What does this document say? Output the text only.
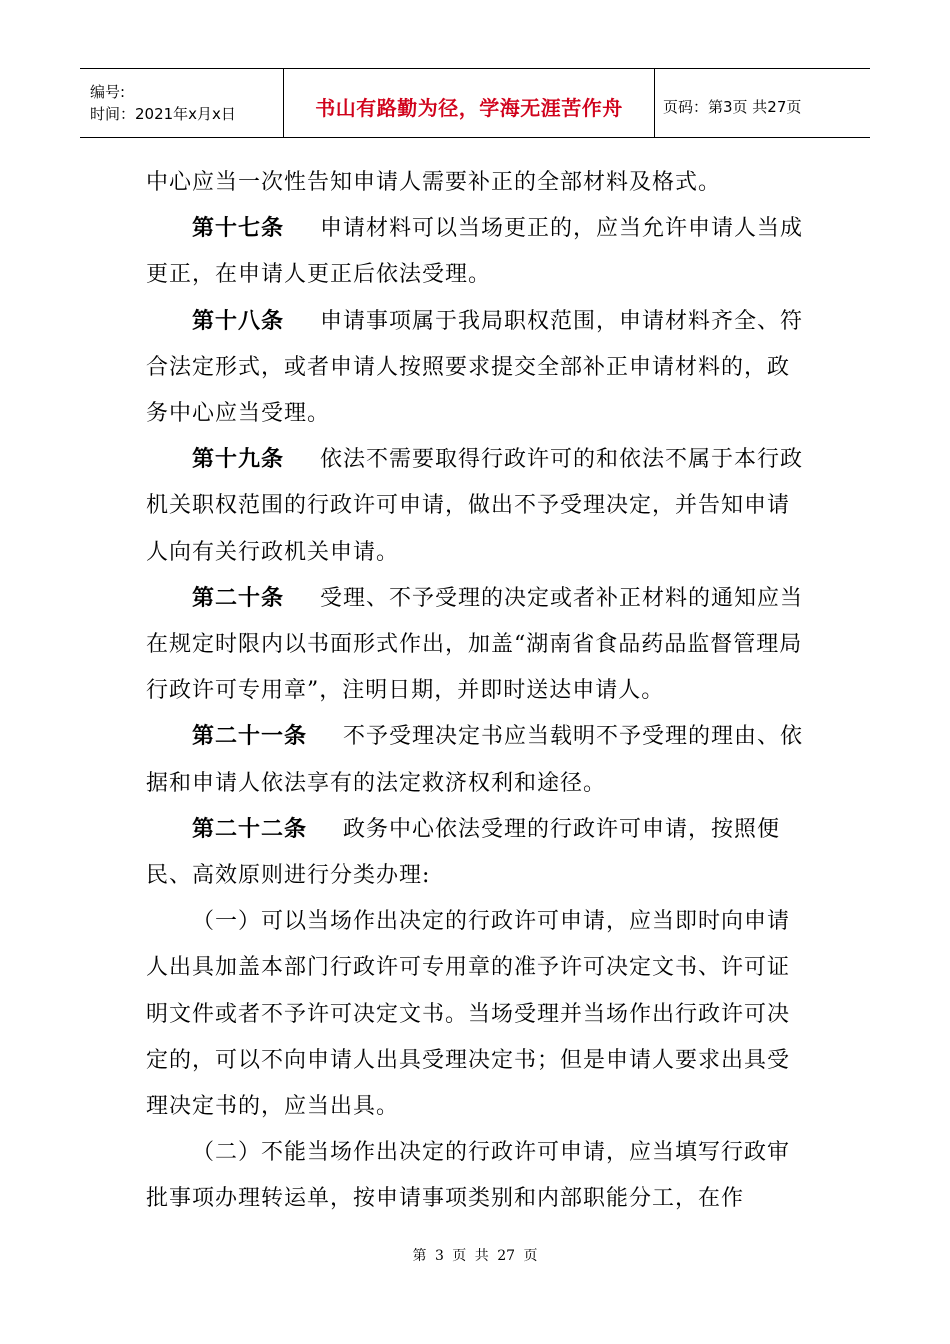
编号:
时间：2021年x月x日	书山有路勤为径，学海无涯苦作舟	页码：第3页 共27页

中心应当一次性告知申请人需要补正的全部材料及格式。

第十七条 申请材料可以当场更正的，应当允许申请人当成更正，在申请人更正后依法受理。

第十八条 申请事项属于我局职权范围，申请材料齐全、符合法定形式，或者申请人按照要求提交全部补正申请材料的，政务中心应当受理。

第十九条 依法不需要取得行政许可的和依法不属于本行政机关职权范围的行政许可申请，做出不予受理决定，并告知申请人向有关行政机关申请。

第二十条 受理、不予受理的决定或者补正材料的通知应当在规定时限内以书面形式作出，加盖“湖南省食品药品监督管理局行政许可专用章”，注明日期，并即时送达申请人。

第二十一条 不予受理决定书应当载明不予受理的理由、依据和申请人依法享有的法定救济权利和途径。

第二十二条 政务中心依法受理的行政许可申请，按照便民、高效原则进行分类办理:

（一）可以当场作出决定的行政许可申请，应当即时向申请人出具加盖本部门行政许可专用章的准予许可决定文书、许可证明文件或者不予许可决定文书。当场受理并当场作出行政许可决定的，可以不向申请人出具受理决定书；但是申请人要求出具受理决定书的，应当出具。

（二）不能当场作出决定的行政许可申请，应当填写行政审批事项办理转运单，按申请事项类别和内部职能分工，在作

第 3 页 共 27 页
